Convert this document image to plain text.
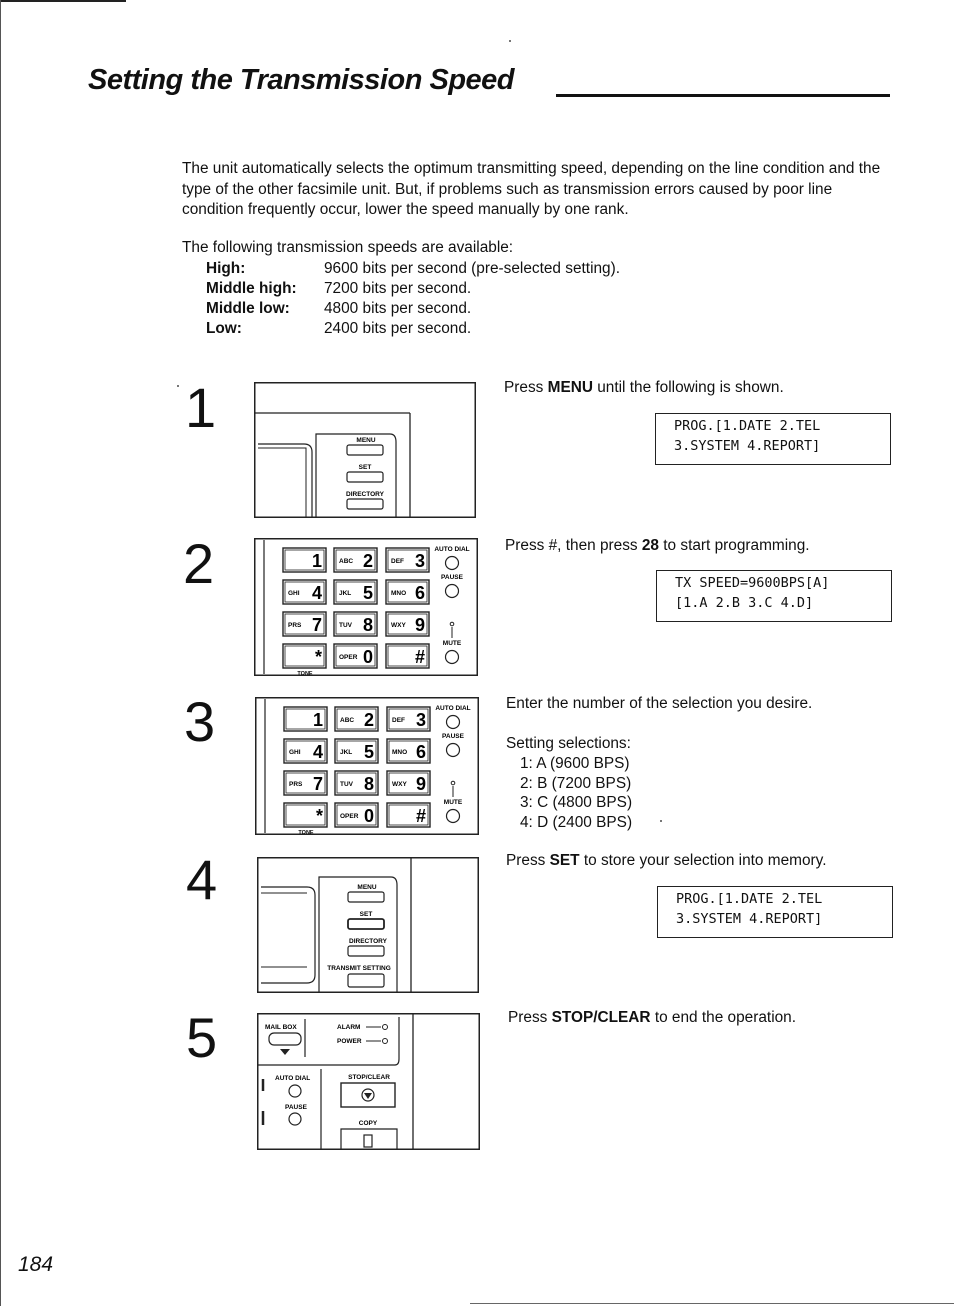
Setting the Transmission Speed

The unit automatically selects the optimum transmitting speed, depending on the line condition and the type of the other facsimile unit. But, if problems such as transmission errors caused by poor line condition frequently occur, lower the speed manually by one rank.

The following transmission speeds are available:
High:	9600 bits per second (pre-selected setting).
Middle high: 7200 bits per second.
Middle low: 4800 bits per second.
Low:	2400 bits per second.
1
MENU
SET
DIRECTORY
Press MENU until the following is shown.
PROG.[1.DATE 2.TEL
3.SYSTEM 4.REPORT]
2	1	ABC 2	DEF 3
GHI 4	JKL 5	MNO 6
PRS 7	TUV 8	WXY 9
*	OPER 0 #
AUTO DIAL
PAUSE
MUTE
TONE
Press #, then press 28 to start programming.
TX SPEED=9600BPS[A]
[1.A 2.B 3.C 4.D]
3	1	ABC 2	DEF 3
GHI 4	JKL 5	MNO 6
PRS 7	TUV 8	WXY 9
*	OPER 0 #
AUTO DIAL
PAUSE
MUTE
TONE
Enter the number of the selection you desire.
Setting selections:
1: A (9600 BPS)
2: B (7200 BPS)
3: C (4800 BPS)
4: D (2400 BPS)
4	MENU
SET
DIRECTORY
TRANSMIT SETTING
Press SET to store your selection into memory.
PROG.[1.DATE 2.TEL
3.SYSTEM 4.REPORT]
5	MAIL BOX	ALARM
POWER
AUTO DIAL
PAUSE
STOP/CLEAR
COPY
Press STOP/CLEAR to end the operation.
184
